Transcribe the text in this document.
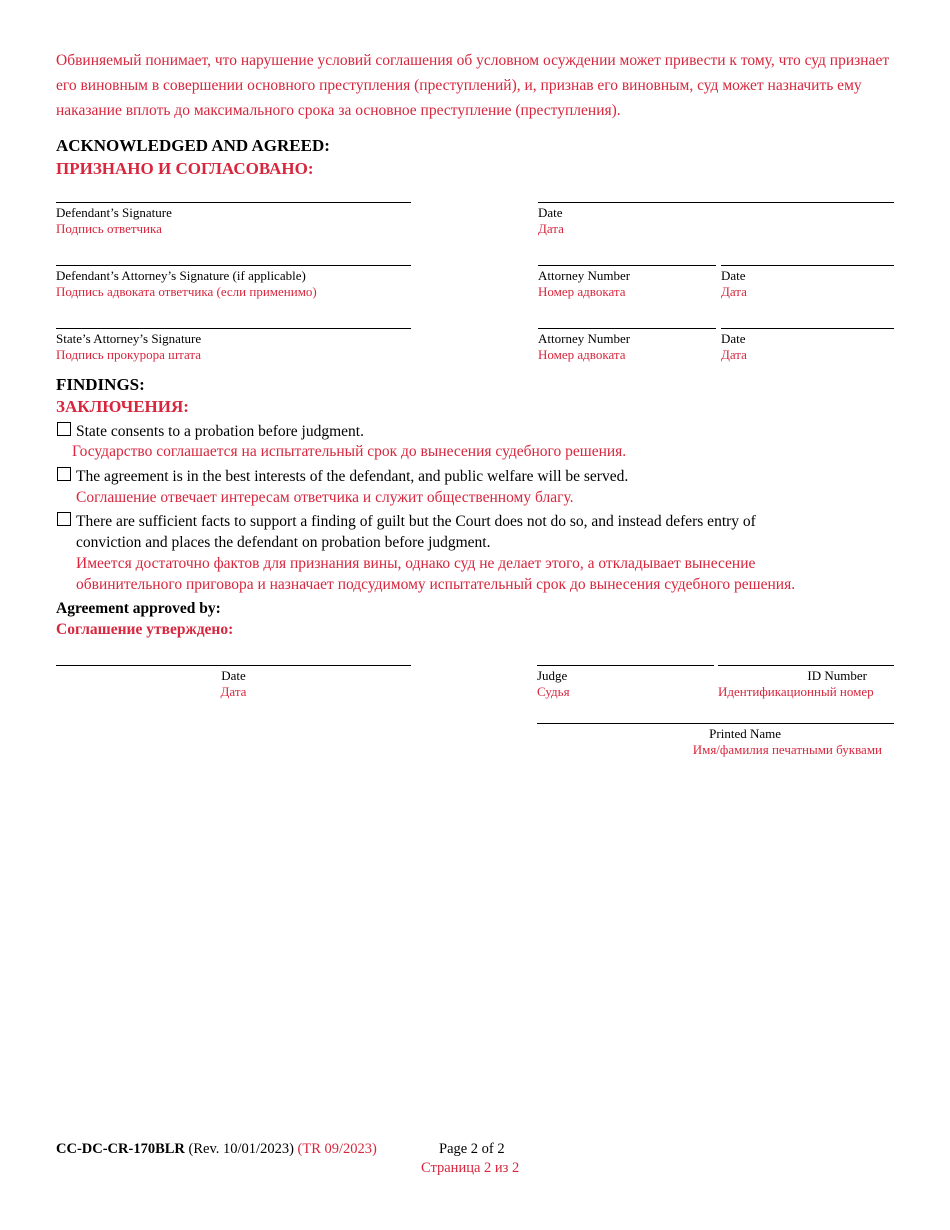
Обвиняемый понимает, что нарушение условий соглашения об условном осуждении может привести к тому, что суд признает его виновным в совершении основного преступления (преступлений), и, признав его виновным, суд может назначить ему наказание вплоть до максимального срока за основное преступление (преступления).
ACKNOWLEDGED AND AGREED:
ПРИЗНАНО И СОГЛАСОВАНО:
Defendant’s Signature
Подпись ответчика
Date
Дата
Defendant’s Attorney’s Signature (if applicable)
Подпись адвоката ответчика (если применимо)
Attorney Number
Номер адвоката
Date
Дата
State’s Attorney’s Signature
Подпись прокурора штата
Attorney Number
Номер адвоката
Date
Дата
FINDINGS:
ЗАКЛЮЧЕНИЯ:
State consents to a probation before judgment.
Государство соглашается на испытательный срок до вынесения судебного решения.
The agreement is in the best interests of the defendant, and public welfare will be served.
Соглашение отвечает интересам ответчика и служит общественному благу.
There are sufficient facts to support a finding of guilt but the Court does not do so, and instead defers entry of
conviction and places the defendant on probation before judgment.
Имеется достаточно фактов для признания вины, однако суд не делает этого, а откладывает вынесение
обвинительного приговора и назначает подсудимому испытательный срок до вынесения судебного решения.
Agreement approved by:
Соглашение утверждено:
Date
Дата
Judge
Судья
ID Number
Идентификационный номер
Printed Name
Имя/фамилия печатными буквами
CC-DC-CR-170BLR (Rev. 10/01/2023) (TR 09/2023)	Page 2 of 2
Страница 2 из 2
